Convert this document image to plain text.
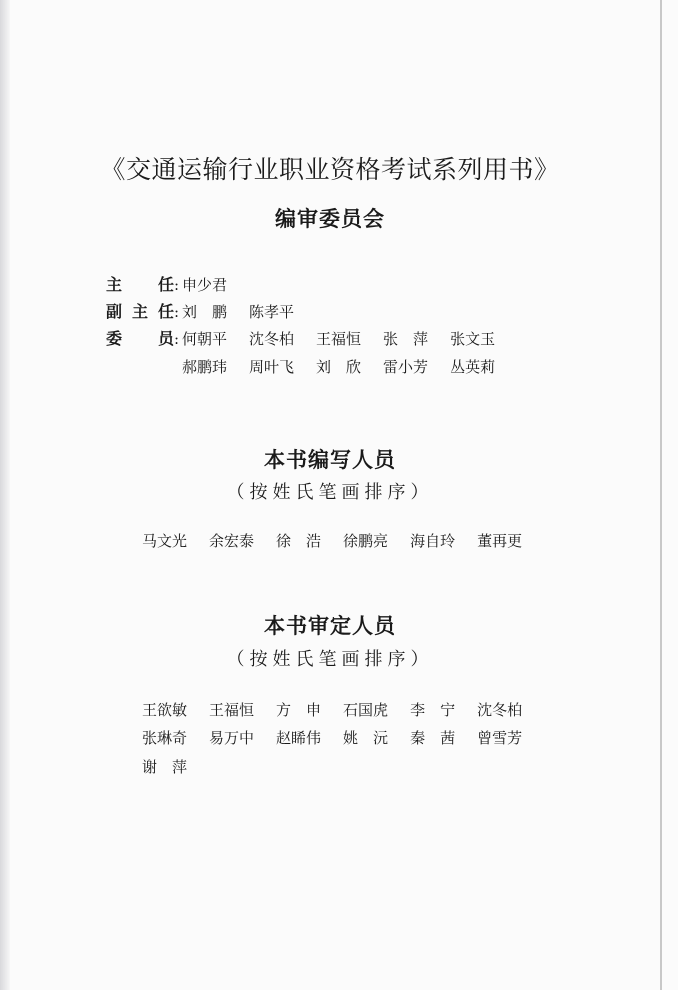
《交通运输行业职业资格考试系列用书》
编审委员会
主　任: 申少君
副主任: 刘　鹏 陈孝平
委　员: 何朝平 沈冬柏 王福恒 张　萍 张文玉
郝鹏玮 周叶飞 刘　欣 雷小芳 丛英莉
本书编写人员
（按姓氏笔画排序）
马文光 余宏泰 徐　浩 徐鹏亮 海自玲 董再更
本书审定人员
（按姓氏笔画排序）
王欲敏 王福恒 方　申 石国虎 李　宁 沈冬柏
张琳奇 易万中 赵睎伟 姚　沅 秦　茜 曾雪芳
谢　萍
